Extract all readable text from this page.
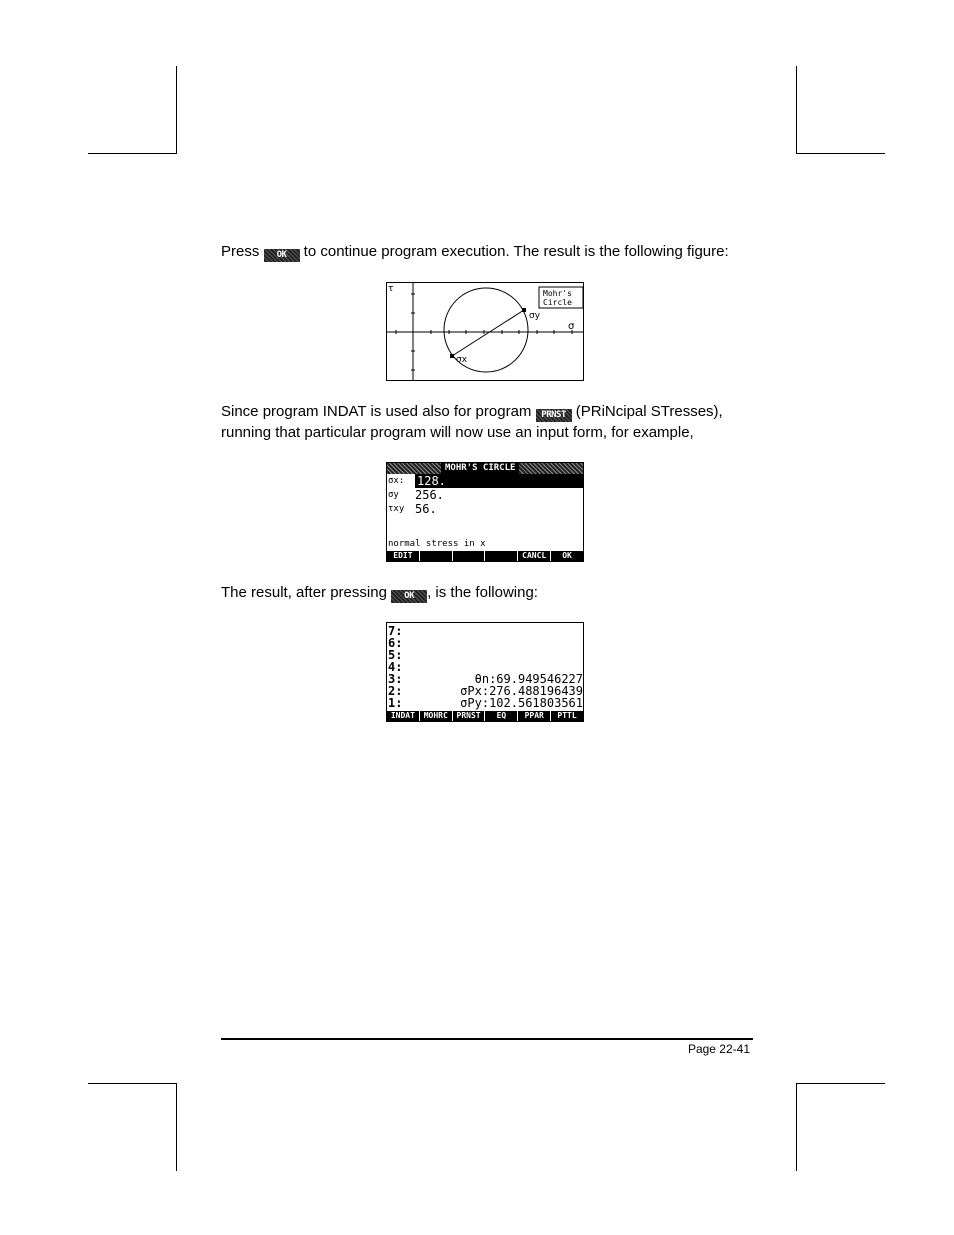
Press OK to continue program execution. The result is the following figure:
τ
σ
σy
σx
Mohr's
Circle
Since program INDAT is used also for program PRNST (PRiNcipal STresses),
running that particular program will now use an input form, for example,
MOHR'S CIRCLE
σx: 128.
σy 256.
τxy 56.
normal stress in x
EDIT	CANCL	OK
The result, after pressing OK , is the following:
7:
6:
5:
4:
3:	θn:69.949546227
2:	σPx:276.488196439
1:	σPy:102.561803561
INDAT	MOHRC	PRNST	EQ	PPAR	PTTL
Page 22-41
